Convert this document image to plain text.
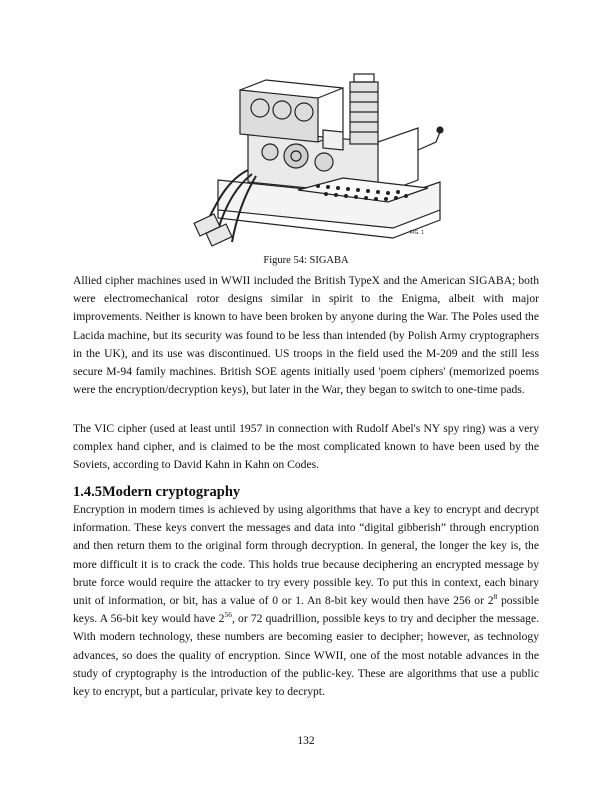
FIG. 1
Figure 54: SIGABA

Allied cipher machines used in WWII included the British TypeX and the American SIGABA; both were electromechanical rotor designs similar in spirit to the Enigma, albeit with major improvements. Neither is known to have been broken by anyone during the War. The Poles used the Lacida machine, but its security was found to be less than intended (by Polish Army cryptographers in the UK), and its use was discontinued. US troops in the field used the M-209 and the still less secure M-94 family machines. British SOE agents initially used 'poem ciphers' (memorized poems were the encryption/decryption keys), but later in the War, they began to switch to one-time pads.

The VIC cipher (used at least until 1957 in connection with Rudolf Abel's NY spy ring) was a very complex hand cipher, and is claimed to be the most complicated known to have been used by the Soviets, according to David Kahn in Kahn on Codes.

1.4.5Modern cryptography

Encryption in modern times is achieved by using algorithms that have a key to encrypt and decrypt information. These keys convert the messages and data into “digital gibberish” through encryption and then return them to the original form through decryption. In general, the longer the key is, the more difficult it is to crack the code. This holds true because deciphering an encrypted message by brute force would require the attacker to try every possible key. To put this in context, each binary unit of information, or bit, has a value of 0 or 1. An 8-bit key would then have 256 or $2^8$ possible keys. A 56-bit key would have $2^{56}$, or 72 quadrillion, possible keys to try and decipher the message. With modern technology, these numbers are becoming easier to decipher; however, as technology advances, so does the quality of encryption. Since WWII, one of the most notable advances in the study of cryptography is the introduction of the public-key. These are algorithms that use a public key to encrypt, but a particular, private key to decrypt.

132
